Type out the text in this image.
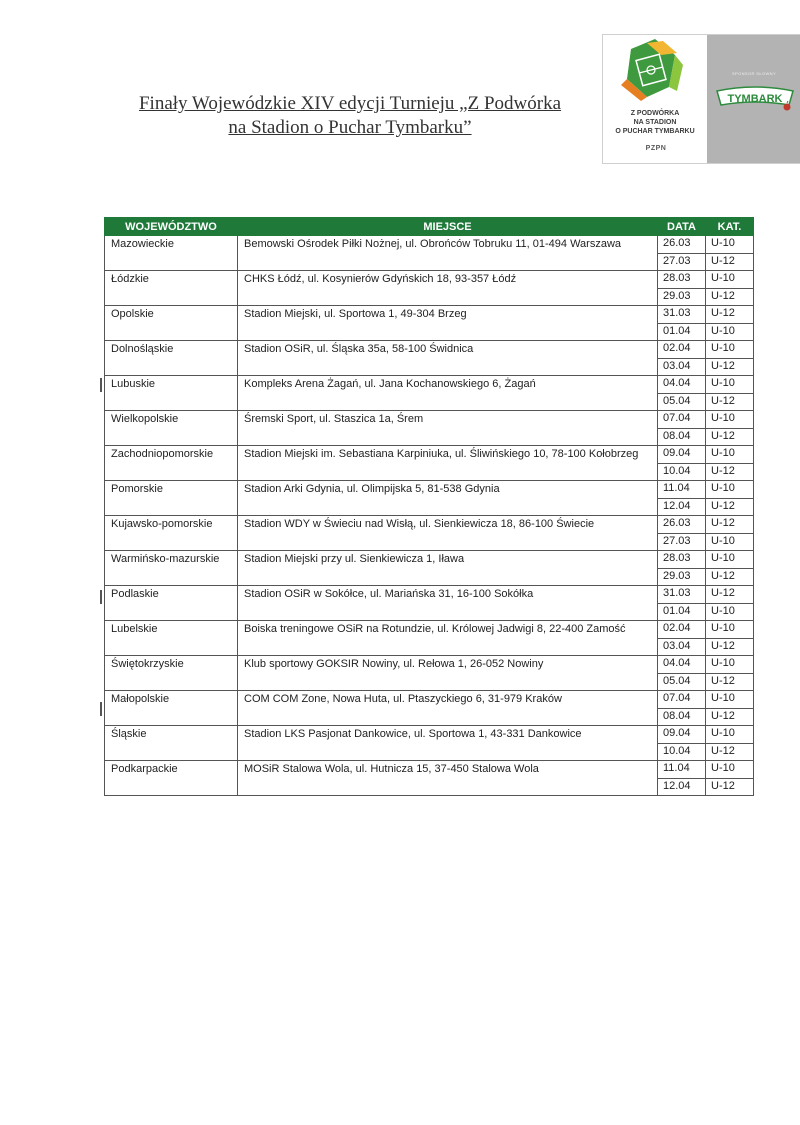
Finały Wojewódzkie XIV edycji Turnieju „Z Podwórka
na Stadion o Puchar Tymbarku”
Z PODWÓRKA
NA STADION
O PUCHAR TYMBARKU
PZPN
SPONSOR SŁOWNY
TYMBARK
WOJEWÓDZTWO	MIEJSCE	DATA	KAT.
Mazowieckie	Bemowski Ośrodek Piłki Nożnej, ul. Obrońców Tobruku 11, 01-494 Warszawa	26.03	U-10
		27.03	U-12
Łódzkie	CHKS Łódź, ul. Kosynierów Gdyńskich 18, 93-357 Łódź	28.03	U-10
		29.03	U-12
Opolskie	Stadion Miejski, ul. Sportowa 1, 49-304 Brzeg	31.03	U-12
		01.04	U-10
Dolnośląskie	Stadion OSiR, ul. Śląska 35a, 58-100 Świdnica	02.04	U-10
		03.04	U-12
Lubuskie	Kompleks Arena Żagań, ul. Jana Kochanowskiego 6, Żagań	04.04	U-10
		05.04	U-12
Wielkopolskie	Śremski Sport, ul. Staszica 1a, Śrem	07.04	U-10
		08.04	U-12
Zachodniopomorskie	Stadion Miejski im. Sebastiana Karpiniuka, ul. Śliwińskiego 10, 78-100 Kołobrzeg	09.04	U-10
		10.04	U-12
Pomorskie	Stadion Arki Gdynia, ul. Olimpijska 5, 81-538 Gdynia	11.04	U-10
		12.04	U-12
Kujawsko-pomorskie	Stadion WDY w Świeciu nad Wisłą, ul. Sienkiewicza 18, 86-100 Świecie	26.03	U-12
		27.03	U-10
Warmińsko-mazurskie	Stadion Miejski przy ul. Sienkiewicza 1, Iława	28.03	U-10
		29.03	U-12
Podlaskie	Stadion OSiR w Sokółce, ul. Mariańska 31, 16-100 Sokółka	31.03	U-12
		01.04	U-10
Lubelskie	Boiska treningowe OSiR na Rotundzie, ul. Królowej Jadwigi 8, 22-400 Zamość	02.04	U-10
		03.04	U-12
Świętokrzyskie	Klub sportowy GOKSIR Nowiny, ul. Rełowa 1, 26-052 Nowiny	04.04	U-10
		05.04	U-12
Małopolskie	COM COM Zone, Nowa Huta, ul. Ptaszyckiego 6, 31-979 Kraków	07.04	U-10
		08.04	U-12
Śląskie	Stadion LKS Pasjonat Dankowice, ul. Sportowa 1, 43-331 Dankowice	09.04	U-10
		10.04	U-12
Podkarpackie	MOSiR Stalowa Wola, ul. Hutnicza 15, 37-450 Stalowa Wola	11.04	U-10
		12.04	U-12
